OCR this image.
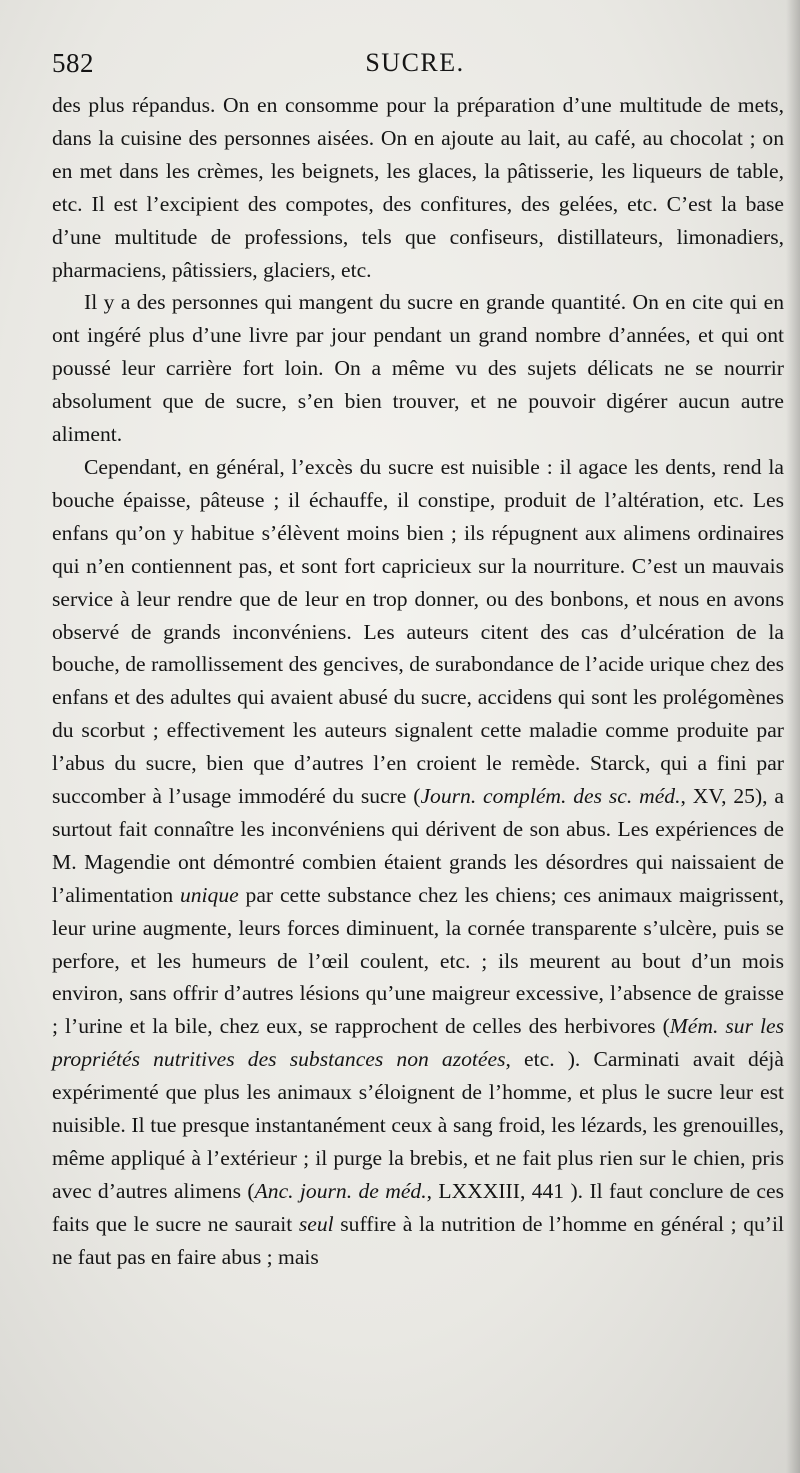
582	SUCRE.

des plus répandus. On en consomme pour la préparation d’une multitude de mets, dans la cuisine des personnes aisées. On en ajoute au lait, au café, au chocolat ; on en met dans les crèmes, les beignets, les glaces, la pâtisserie, les liqueurs de table, etc. Il est l’excipient des compotes, des confitures, des gelées, etc. C’est la base d’une multitude de professions, tels que confiseurs, distillateurs, limonadiers, pharmaciens, pâtissiers, glaciers, etc.

Il y a des personnes qui mangent du sucre en grande quantité. On en cite qui en ont ingéré plus d’une livre par jour pendant un grand nombre d’années, et qui ont poussé leur carrière fort loin. On a même vu des sujets délicats ne se nourrir absolument que de sucre, s’en bien trouver, et ne pouvoir digérer aucun autre aliment.

Cependant, en général, l’excès du sucre est nuisible : il agace les dents, rend la bouche épaisse, pâteuse ; il échauffe, il constipe, produit de l’altération, etc. Les enfans qu’on y habitue s’élèvent moins bien ; ils répugnent aux alimens ordinaires qui n’en contiennent pas, et sont fort capricieux sur la nourriture. C’est un mauvais service à leur rendre que de leur en trop donner, ou des bonbons, et nous en avons observé de grands inconvéniens. Les auteurs citent des cas d’ulcération de la bouche, de ramollissement des gencives, de surabondance de l’acide urique chez des enfans et des adultes qui avaient abusé du sucre, accidens qui sont les prolégomènes du scorbut ; effectivement les auteurs signalent cette maladie comme produite par l’abus du sucre, bien que d’autres l’en croient le remède. Starck, qui a fini par succomber à l’usage immodéré du sucre (Journ. complém. des sc. méd., XV, 25), a surtout fait connaître les inconvéniens qui dérivent de son abus. Les expériences de M. Magendie ont démontré combien étaient grands les désordres qui naissaient de l’alimentation unique par cette substance chez les chiens; ces animaux maigrissent, leur urine augmente, leurs forces diminuent, la cornée transparente s’ulcère, puis se perfore, et les humeurs de l’œil coulent, etc. ; ils meurent au bout d’un mois environ, sans offrir d’autres lésions qu’une maigreur excessive, l’absence de graisse ; l’urine et la bile, chez eux, se rapprochent de celles des herbivores (Mém. sur les propriétés nutritives des substances non azotées, etc. ). Carminati avait déjà expérimenté que plus les animaux s’éloignent de l’homme, et plus le sucre leur est nuisible. Il tue presque instantanément ceux à sang froid, les lézards, les grenouilles, même appliqué à l’extérieur ; il purge la brebis, et ne fait plus rien sur le chien, pris avec d’autres alimens (Anc. journ. de méd., LXXXIII, 441 ). Il faut conclure de ces faits que le sucre ne saurait seul suffire à la nutrition de l’homme en général ; qu’il ne faut pas en faire abus ; mais
